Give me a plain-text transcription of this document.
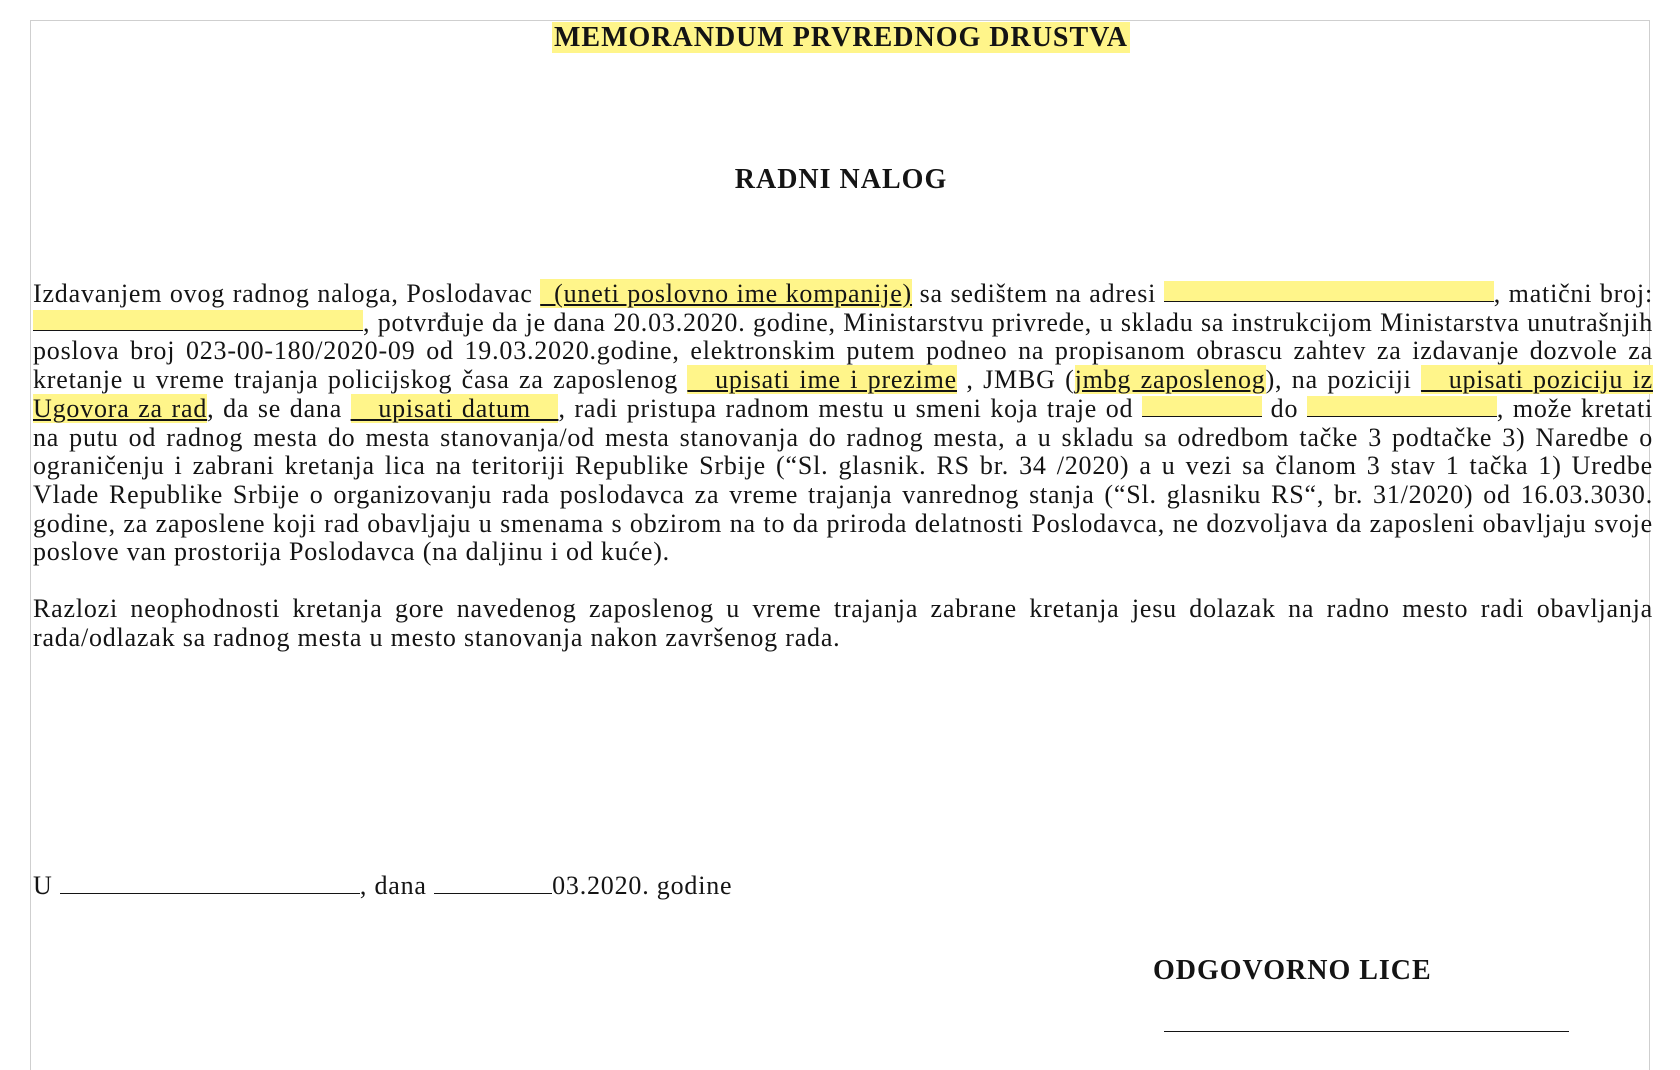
MEMORANDUM PRVREDNOG DRUSTVA
RADNI NALOG

Izdavanjem ovog radnog naloga, Poslodavac _(uneti poslovno ime kompanije) sa sedištem na adresi	, matični broj: , potvrđuje da je dana 20.03.2020. godine, Ministarstvu privrede, u skladu sa instrukcijom Ministarstva unutrašnjih poslova broj 023-00-180/2020-09 od 19.03.2020.godine, elektronskim putem podneo na propisanom obrascu zahtev za izdavanje dozvole za kretanje u vreme trajanja policijskog časa za zaposlenog __upisati ime i prezime , JMBG (jmbg zaposlenog), na poziciji __upisati poziciju iz Ugovora za rad, da se dana __upisati datum__, radi pristupa radnom mestu u smeni koja traje od	do	, može kretati na putu od radnog mesta do mesta stanovanja/od mesta stanovanja do radnog mesta, a u skladu sa odredbom tačke 3 podtačke 3) Naredbe o ograničenju i zabrani kretanja lica na teritoriji Republike Srbije (“Sl. glasnik. RS br. 34 /2020) a u vezi sa članom 3 stav 1 tačka 1) Uredbe Vlade Republike Srbije o organizovanju rada poslodavca za vreme trajanja vanrednog stanja (“Sl. glasniku RS“, br. 31/2020) od 16.03.3030. godine, za zaposlene koji rad obavljaju u smenama s obzirom na to da priroda delatnosti Poslodavca, ne dozvoljava da zaposleni obavljaju svoje poslove van prostorija Poslodavca (na daljinu i od kuće).

Razlozi neophodnosti kretanja gore navedenog zaposlenog u vreme trajanja zabrane kretanja jesu dolazak na radno mesto radi obavljanja rada/odlazak sa radnog mesta u mesto stanovanja nakon završenog rada.

U	, dana	03.2020. godine
ODGOVORNO LICE
